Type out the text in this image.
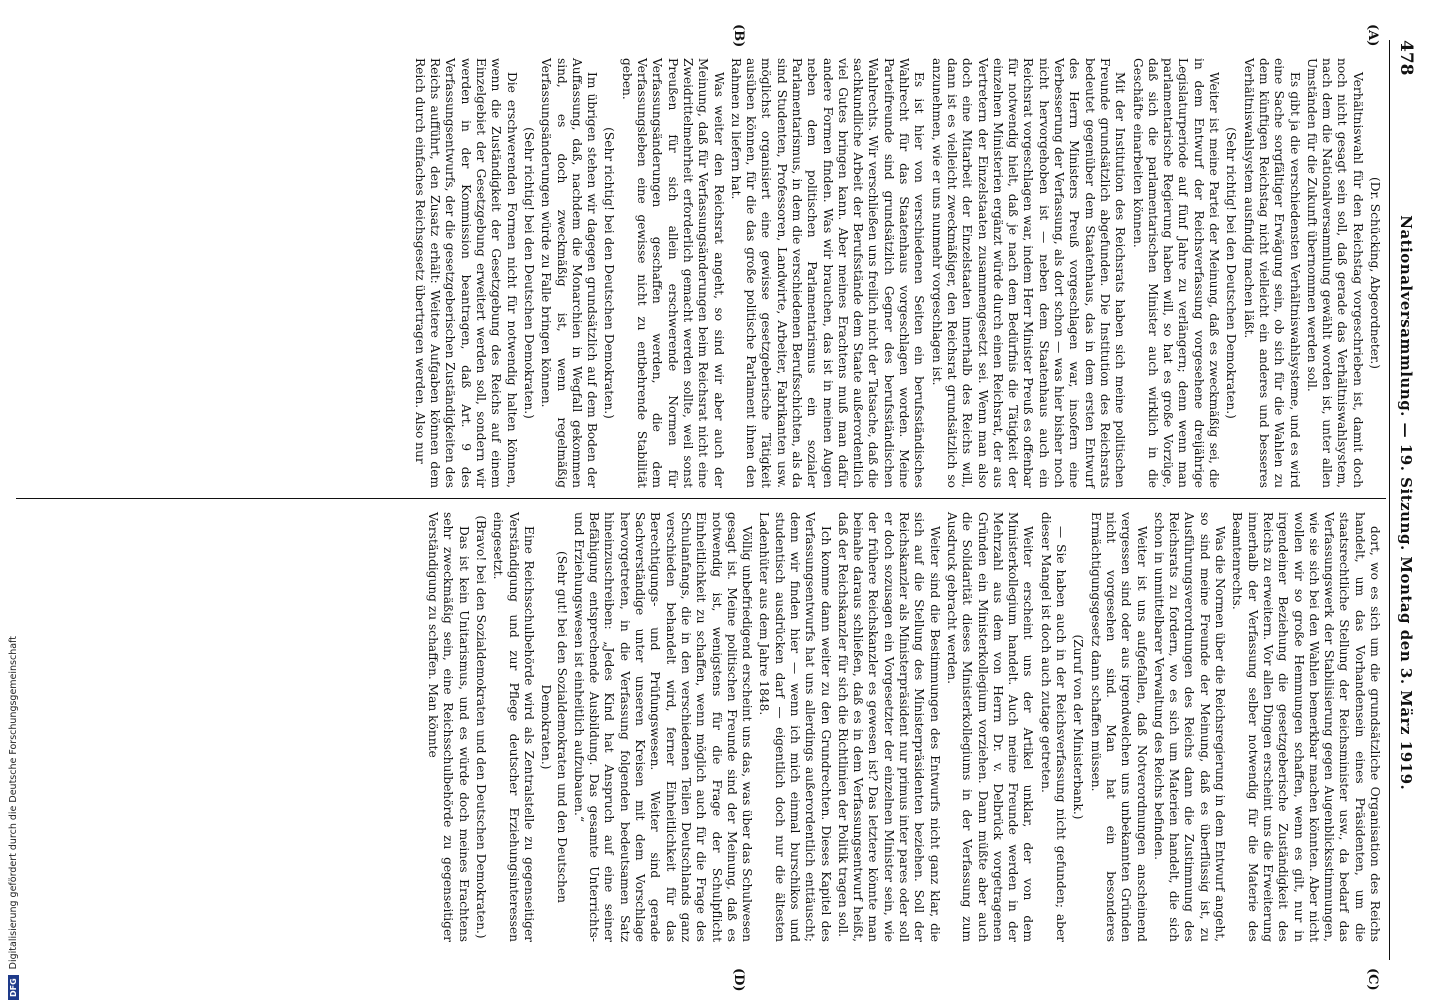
478
Nationalversammlung. — 19. Sitzung. Montag den 3. März 1919.
(A)
(B)
(C)
(D)

(Dr. Schücking, Abgeordneter.)

Verhältniswahl für den Reichstag vorgeschrieben ist, damit doch noch nicht gesagt sein soll, daß gerade das Verhältniswahlsystem, nach dem die Nationalversammlung gewählt worden ist, unter allen Umständen für die Zukunft übernommen werden soll.

Es gibt ja die verschiedensten Verhältniswahlsysteme, und es wird eine Sache sorgfältiger Erwägung sein, ob sich für die Wahlen zu dem künftigen Reichstag nicht vielleicht ein anderes und besseres Verhältniswahlsystem ausfindig machen läßt.

(Sehr richtig! bei den Deutschen Demokraten.)

Weiter ist meine Partei der Meinung, daß es zweckmäßig sei, die in dem Entwurf der Reichsverfassung vorgesehene dreijährige Legislaturperiode auf fünf Jahre zu verlängern; denn wenn man parlamentarische Regierung haben will, so hat es große Vorzüge, daß sich die parlamentarischen Minister auch wirklich in die Geschäfte einarbeiten können.

Mit der Institution des Reichsrats haben sich meine politischen Freunde grundsätzlich abgefunden. Die Institution des Reichsrats bedeutet gegenüber dem Staatenhaus, das in dem ersten Entwurf des Herrn Ministers Preuß vorgeschlagen war, insofern eine Verbesserung der Verfassung, als dort schon — was hier bisher noch nicht hervorgehoben ist — neben dem Staatenhaus auch ein Reichsrat vorgeschlagen war, indem Herr Minister Preuß es offenbar für notwendig hielt, daß je nach dem Bedürfnis die Tätigkeit der einzelnen Ministerien ergänzt würde durch einen Reichsrat, der aus Vertretern der Einzelstaaten zusammengesetzt sei. Wenn man also doch eine Mitarbeit der Einzelstaaten innerhalb des Reichs will, dann ist es vielleicht zweckmäßiger, den Reichsrat grundsätzlich so anzunehmen, wie er uns nunmehr vorgeschlagen ist.

Es ist hier von verschiedenen Seiten ein berufsständisches Wahlrecht für das Staatenhaus vorgeschlagen worden. Meine Parteifreunde sind grundsätzlich Gegner des berufsständischen Wahlrechts. Wir verschließen uns freilich nicht der Tatsache, daß die sachkundliche Arbeit der Berufsstände dem Staate außerordentlich viel Gutes bringen kann. Aber meines Erachtens muß man dafür andere Formen finden. Was wir brauchen, das ist in meinen Augen neben dem politischen Parlamentarismus ein sozialer Parlamentarismus, in dem die verschiedenen Berufsschichten, als da sind Studenten, Professoren, Landwirte, Arbeiter, Fabrikanten usw. möglichst organisiert eine gewisse gesetzgeberische Tätigkeit ausüben können, für die das große politische Parlament ihnen den Rahmen zu liefern hat.

Was weiter den Reichsrat angeht, so sind wir aber auch der Meinung, daß für Verfassungsänderungen beim Reichsrat nicht eine Zweidrittelmehrheit erforderlich gemacht werden sollte, weil sonst Preußen für sich allein erschwerende Normen für Verfassungsänderungen geschaffen werden, die dem Verfassungsleben eine gewisse nicht zu entbehrende Stabilität geben.

(Sehr richtig! bei den Deutschen Demokraten.)

Im übrigen stehen wir dagegen grundsätzlich auf dem Boden der Auffassung, daß, nachdem die Monarchien in Wegfall gekommen sind, es doch zweckmäßig ist, wenn regelmäßig Verfassungsänderungen würde zu Falle bringen können.

(Sehr richtig! bei den Deutschen Demokraten.)

Die erschwerenden Formen nicht für notwendig halten können, wenn die Zuständigkeit der Gesetzgebung des Reichs auf einem Einzelgebiet der Gesetzgebung erweitert werden soll, sondern wir werden in der Kommission beantragen, daß Art. 9 des Verfassungsentwurfs, der die gesetzgeberischen Zuständigkeiten des Reichs aufführt, den Zusatz erhält: Weitere Aufgaben können dem Reich durch einfaches Reichsgesetz übertragen werden. Also nur

dort, wo es sich um die grundsätzliche Organisation des Reichs handelt, um das Vorhandensein eines Präsidenten, um die staatsrechtliche Stellung der Reichsminister usw., da bedarf das Verfassungswerk der Stabilisierung gegen Augenblicksstimmungen, wie sie sich bei den Wahlen bemerkbar machen könnten. Aber nicht wollen wir so große Hemmungen schaffen, wenn es gilt, nur in irgendeiner Beziehung die gesetzgeberische Zuständigkeit des Reichs zu erweitern. Vor allen Dingen erscheint uns die Erweiterung innerhalb der Verfassung selber notwendig für die Materie des Beamtenrechts.

Was die Normen über die Reichsregierung in dem Entwurf angeht, so sind meine Freunde der Meinung, daß es überflüssig ist, zu Ausführungsverordnungen des Reichs dann die Zustimmung des Reichsrats zu fordern, wo es sich um Materien handelt, die sich schon in unmittelbarer Verwaltung des Reichs befinden.

Weiter ist uns aufgefallen, daß Notverordnungen anscheinend vergessen sind oder aus irgendwelchen uns unbekannten Gründen nicht vorgesehen sind. Man hat ein besonderes Ermächtigungsgesetz dann schaffen müssen.

(Zuruf von der Ministerbank.)

— Sie haben auch in der Reichsverfassung nicht gefunden; aber dieser Mangel ist doch auch zutage getreten.

Weiter erscheint uns der Artikel unklar, der von dem Ministerkollegium handelt. Auch meine Freunde werden in der Mehrzahl aus dem von Herrn Dr. v. Delbrück vorgetragenen Gründen ein Ministerkollegium vorziehen. Dann müßte aber auch die Solidarität dieses Ministerkollegiums in der Verfassung zum Ausdruck gebracht werden.

Weiter sind die Bestimmungen des Entwurfs nicht ganz klar, die sich auf die Stellung des Ministerpräsidenten beziehen. Soll der Reichskanzler als Ministerpräsident nur primus inter pares oder soll er doch sozusagen ein Vorgesetzter der einzelnen Minister sein, wie der frühere Reichskanzler es gewesen ist? Das letztere könnte man beinahe daraus schließen, daß es in dem Verfassungsentwurf heißt, daß der Reichskanzler für sich die Richtlinien der Politik tragen soll.

Ich komme dann weiter zu den Grundrechten. Dieses Kapitel des Verfassungsentwurfs hat uns allerdings außerordentlich enttäuscht; denn wir finden hier — wenn ich mich einmal burschikos und studentisch ausdrücken darf — eigentlich doch nur die ältesten Ladenhüter aus dem Jahre 1848.

Völlig unbefriedigend erscheint uns das, was über das Schulwesen gesagt ist. Meine politischen Freunde sind der Meinung, daß es notwendig ist, wenigstens für die Frage der Schulpflicht Einheitlichkeit zu schaffen, wenn möglich auch für die Frage des Schulanfangs, die in den verschiedenen Teilen Deutschlands ganz verschieden behandelt wird, ferner Einheitlichkeit für das Berechtigungs- und Prüfungswesen. Weiter sind gerade Sachverständige unter unseren Kreisen mit dem Vorschlage hervorgetreten, in die Verfassung folgenden bedeutsamen Satz hineinzuschreiben: „Jedes Kind hat Anspruch auf eine seiner Befähigung entsprechende Ausbildung. Das gesamte Unterrichts- und Erziehungswesen ist einheitlich aufzubauen.“

(Sehr gut! bei den Sozialdemokraten und den Deutschen Demokraten.)

Eine Reichsschulbehörde wird als Zentralstelle zu gegenseitiger Verständigung und zur Pflege deutscher Erziehungsinteressen eingesetzt.

(Bravo! bei den Sozialdemokraten und den Deutschen Demokraten.)

Das ist kein Unitarismus, und es würde doch meines Erachtens sehr zweckmäßig sein, eine Reichsschulbehörde zu gegenseitiger Verständigung zu schaffen. Man könnte

DFG
Digitalisierung gefördert durch die Deutsche Forschungsgemeinschaft
